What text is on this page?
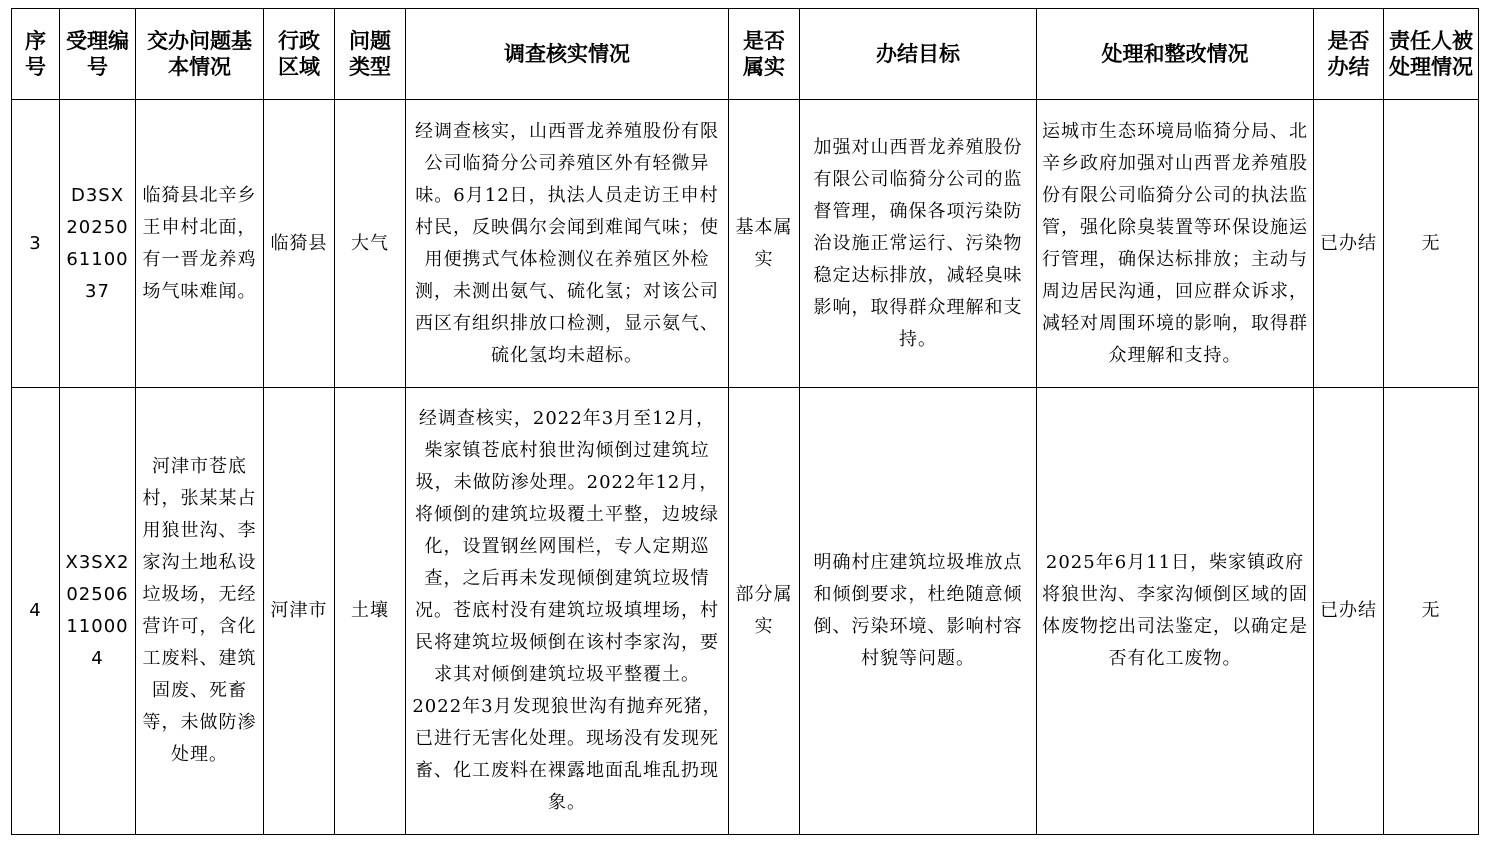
序号	受理编号	交办问题基本情况	行政区域	问题类型	调查核实情况	是否属实	办结目标	处理和整改情况	是否办结	责任人被处理情况
3	D3SX202506110037	临猗县北辛乡王申村北面，有一晋龙养鸡场气味难闻。	临猗县	大气	经调查核实，山西晋龙养殖股份有限公司临猗分公司养殖区外有轻微异味。6月12日，执法人员走访王申村村民，反映偶尔会闻到难闻气味；使用便携式气体检测仪在养殖区外检测，未测出氨气、硫化氢；对该公司西区有组织排放口检测，显示氨气、硫化氢均未超标。	基本属实	加强对山西晋龙养殖股份有限公司临猗分公司的监督管理，确保各项污染防治设施正常运行、污染物稳定达标排放，减轻臭味影响，取得群众理解和支持。	运城市生态环境局临猗分局、北辛乡政府加强对山西晋龙养殖股份有限公司临猗分公司的执法监管，强化除臭装置等环保设施运行管理，确保达标排放；主动与周边居民沟通，回应群众诉求，减轻对周围环境的影响，取得群众理解和支持。	已办结	无
4	X3SX202506110004	河津市苍底村，张某某占用狼世沟、李家沟土地私设垃圾场，无经营许可，含化工废料、建筑固废、死畜等，未做防渗处理。	河津市	土壤	经调查核实，2022年3月至12月，柴家镇苍底村狼世沟倾倒过建筑垃圾，未做防渗处理。2022年12月，将倾倒的建筑垃圾覆土平整，边坡绿化，设置钢丝网围栏，专人定期巡查，之后再未发现倾倒建筑垃圾情况。苍底村没有建筑垃圾填埋场，村民将建筑垃圾倾倒在该村李家沟，要求其对倾倒建筑垃圾平整覆土。2022年3月发现狼世沟有抛弃死猪，已进行无害化处理。现场没有发现死畜、化工废料在裸露地面乱堆乱扔现象。	部分属实	明确村庄建筑垃圾堆放点和倾倒要求，杜绝随意倾倒、污染环境、影响村容村貌等问题。	2025年6月11日，柴家镇政府将狼世沟、李家沟倾倒区域的固体废物挖出司法鉴定，以确定是否有化工废物。	已办结	无
